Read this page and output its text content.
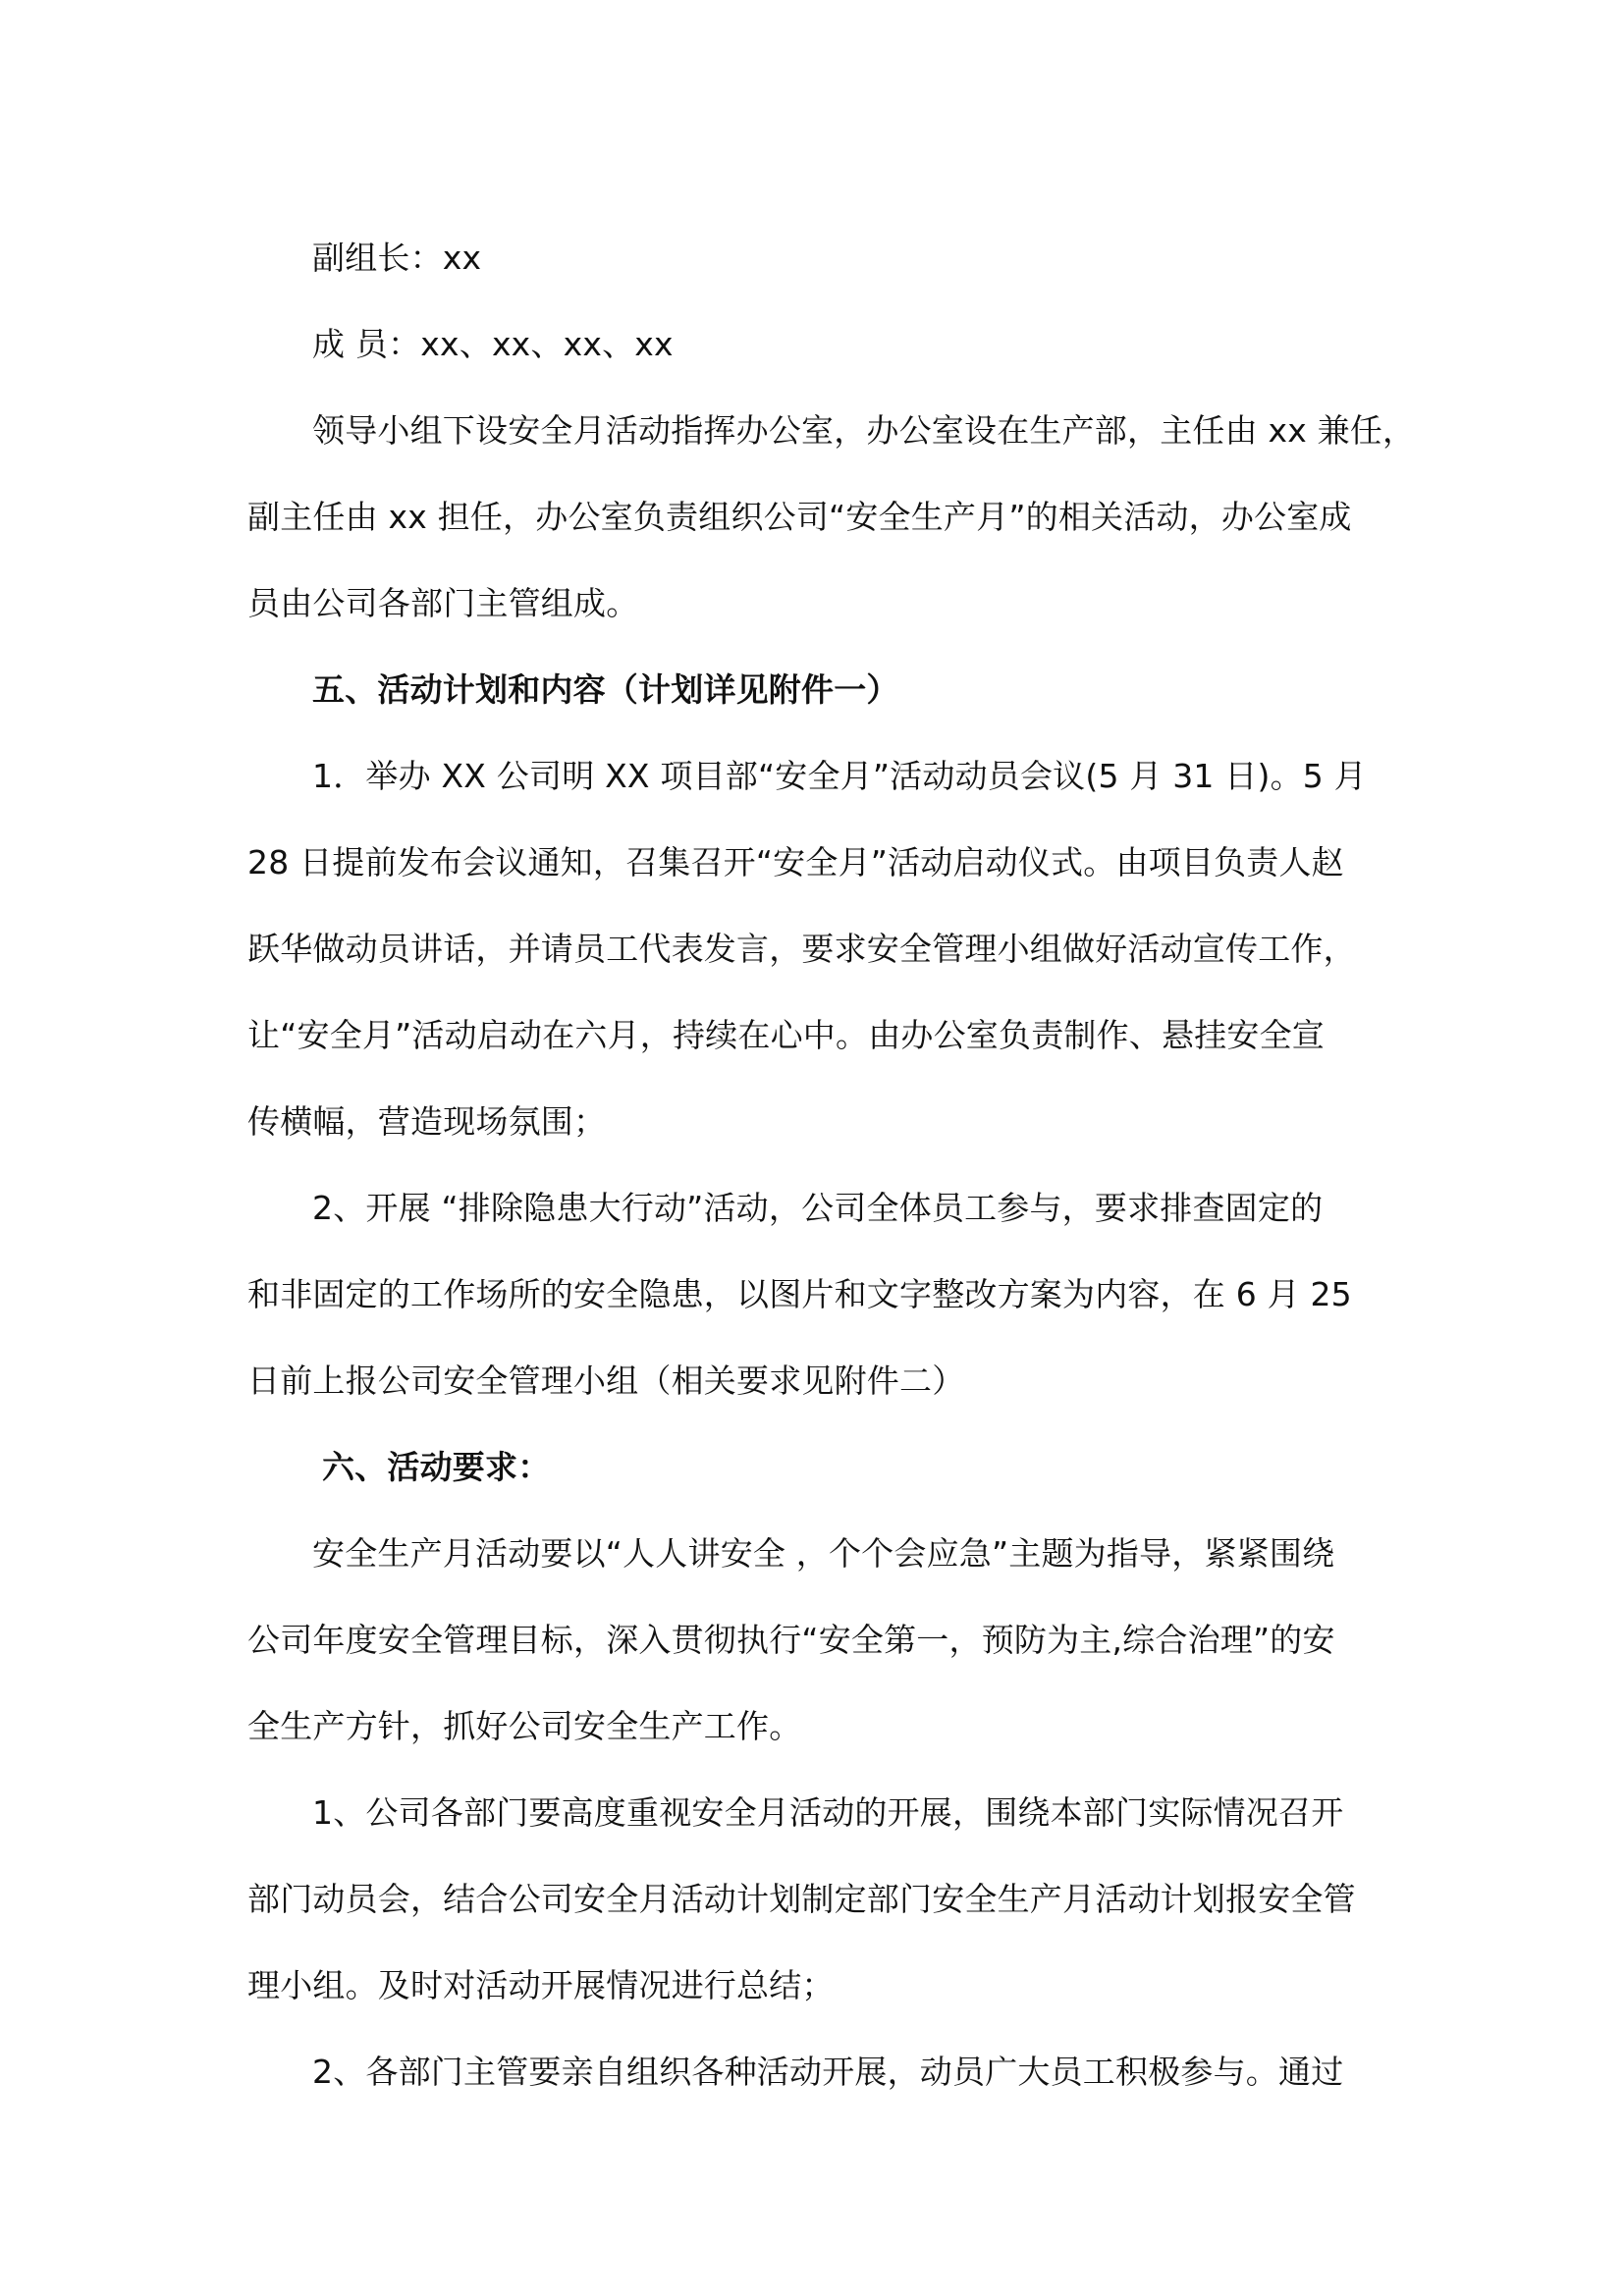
副组长：xx
成 员：xx、xx、xx、xx
领导小组下设安全月活动指挥办公室，办公室设在生产部，主任由 xx 兼任，
副主任由 xx 担任，办公室负责组织公司“安全生产月”的相关活动，办公室成
员由公司各部门主管组成。
五、活动计划和内容（计划详见附件一）
1．举办 XX 公司明 XX 项目部“安全月”活动动员会议(5 月 31 日)。5 月
28 日提前发布会议通知，召集召开“安全月”活动启动仪式。由项目负责人赵
跃华做动员讲话，并请员工代表发言，要求安全管理小组做好活动宣传工作，
让“安全月”活动启动在六月，持续在心中。由办公室负责制作、悬挂安全宣
传横幅，营造现场氛围；
2、开展 “排除隐患大行动”活动，公司全体员工参与，要求排查固定的
和非固定的工作场所的安全隐患，以图片和文字整改方案为内容，在 6 月 25
日前上报公司安全管理小组（相关要求见附件二）
六、活动要求：
安全生产月活动要以“人人讲安全 ，个个会应急”主题为指导，紧紧围绕
公司年度安全管理目标，深入贯彻执行“安全第一，预防为主,综合治理”的安
全生产方针，抓好公司安全生产工作。
1、公司各部门要高度重视安全月活动的开展，围绕本部门实际情况召开
部门动员会，结合公司安全月活动计划制定部门安全生产月活动计划报安全管
理小组。及时对活动开展情况进行总结；
2、各部门主管要亲自组织各种活动开展，动员广大员工积极参与。通过
